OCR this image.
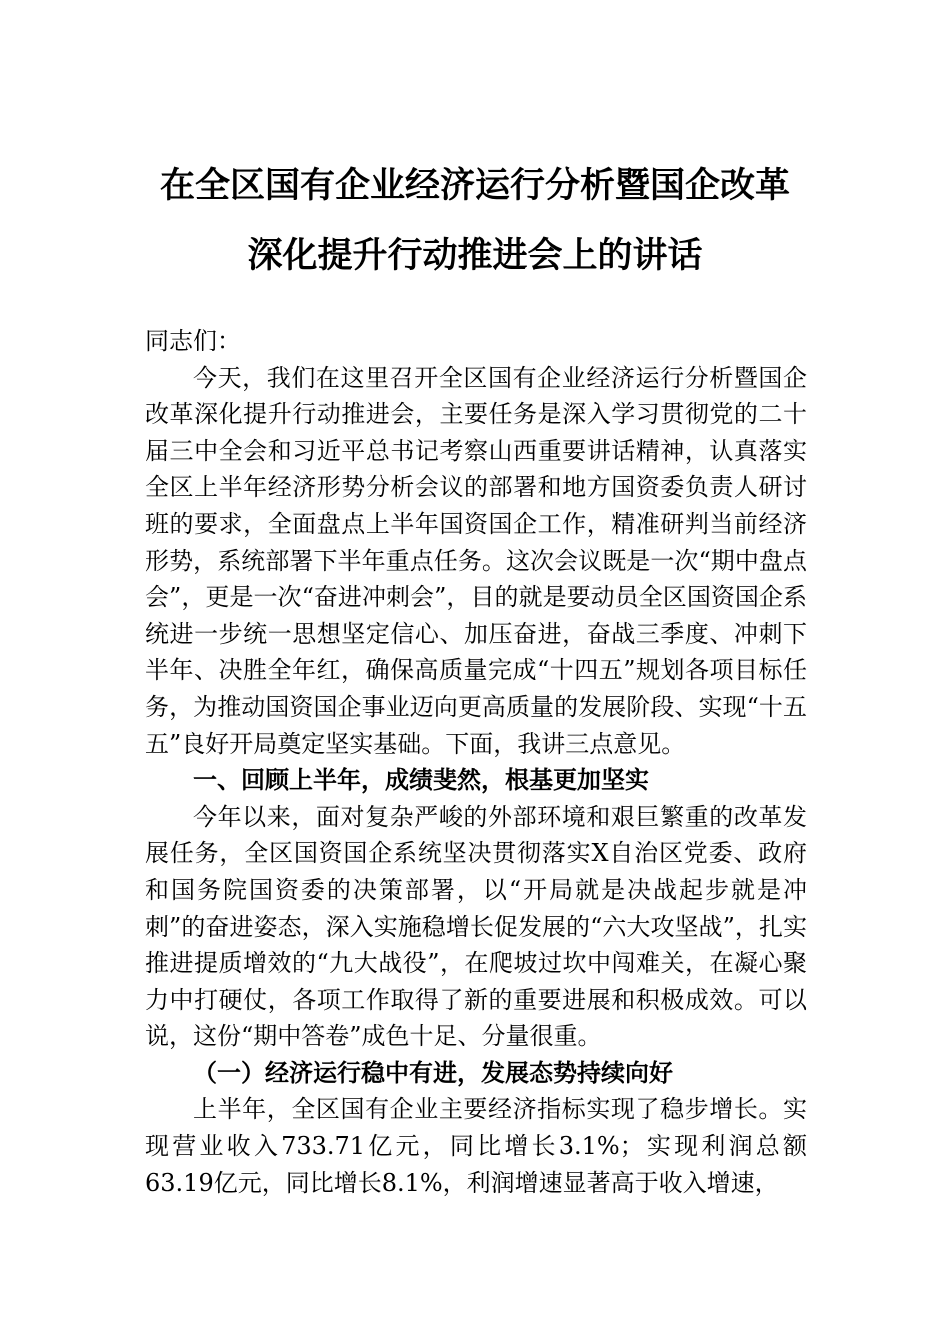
在全区国有企业经济运行分析暨国企改革
深化提升行动推进会上的讲话

同志们：

今天，我们在这里召开全区国有企业经济运行分析暨国企改革深化提升行动推进会，主要任务是深入学习贯彻党的二十届三中全会和习近平总书记考察山西重要讲话精神，认真落实全区上半年经济形势分析会议的部署和地方国资委负责人研讨班的要求，全面盘点上半年国资国企工作，精准研判当前经济形势，系统部署下半年重点任务。这次会议既是一次“期中盘点会”，更是一次“奋进冲刺会”，目的就是要动员全区国资国企系统进一步统一思想坚定信心、加压奋进，奋战三季度、冲刺下半年、决胜全年红，确保高质量完成“十四五”规划各项目标任务，为推动国资国企事业迈向更高质量的发展阶段、实现“十五五”良好开局奠定坚实基础。下面，我讲三点意见。

一、回顾上半年，成绩斐然，根基更加坚实

今年以来，面对复杂严峻的外部环境和艰巨繁重的改革发展任务，全区国资国企系统坚决贯彻落实X自治区党委、政府和国务院国资委的决策部署，以“开局就是决战起步就是冲刺”的奋进姿态，深入实施稳增长促发展的“六大攻坚战”，扎实推进提质增效的“九大战役”，在爬坡过坎中闯难关，在凝心聚力中打硬仗，各项工作取得了新的重要进展和积极成效。可以说，这份“期中答卷”成色十足、分量很重。

（一）经济运行稳中有进，发展态势持续向好

上半年，全区国有企业主要经济指标实现了稳步增长。实现营业收入733.71亿元，同比增长3.1%；实现利润总额63.19亿元，同比增长8.1%，利润增速显著高于收入增速，
